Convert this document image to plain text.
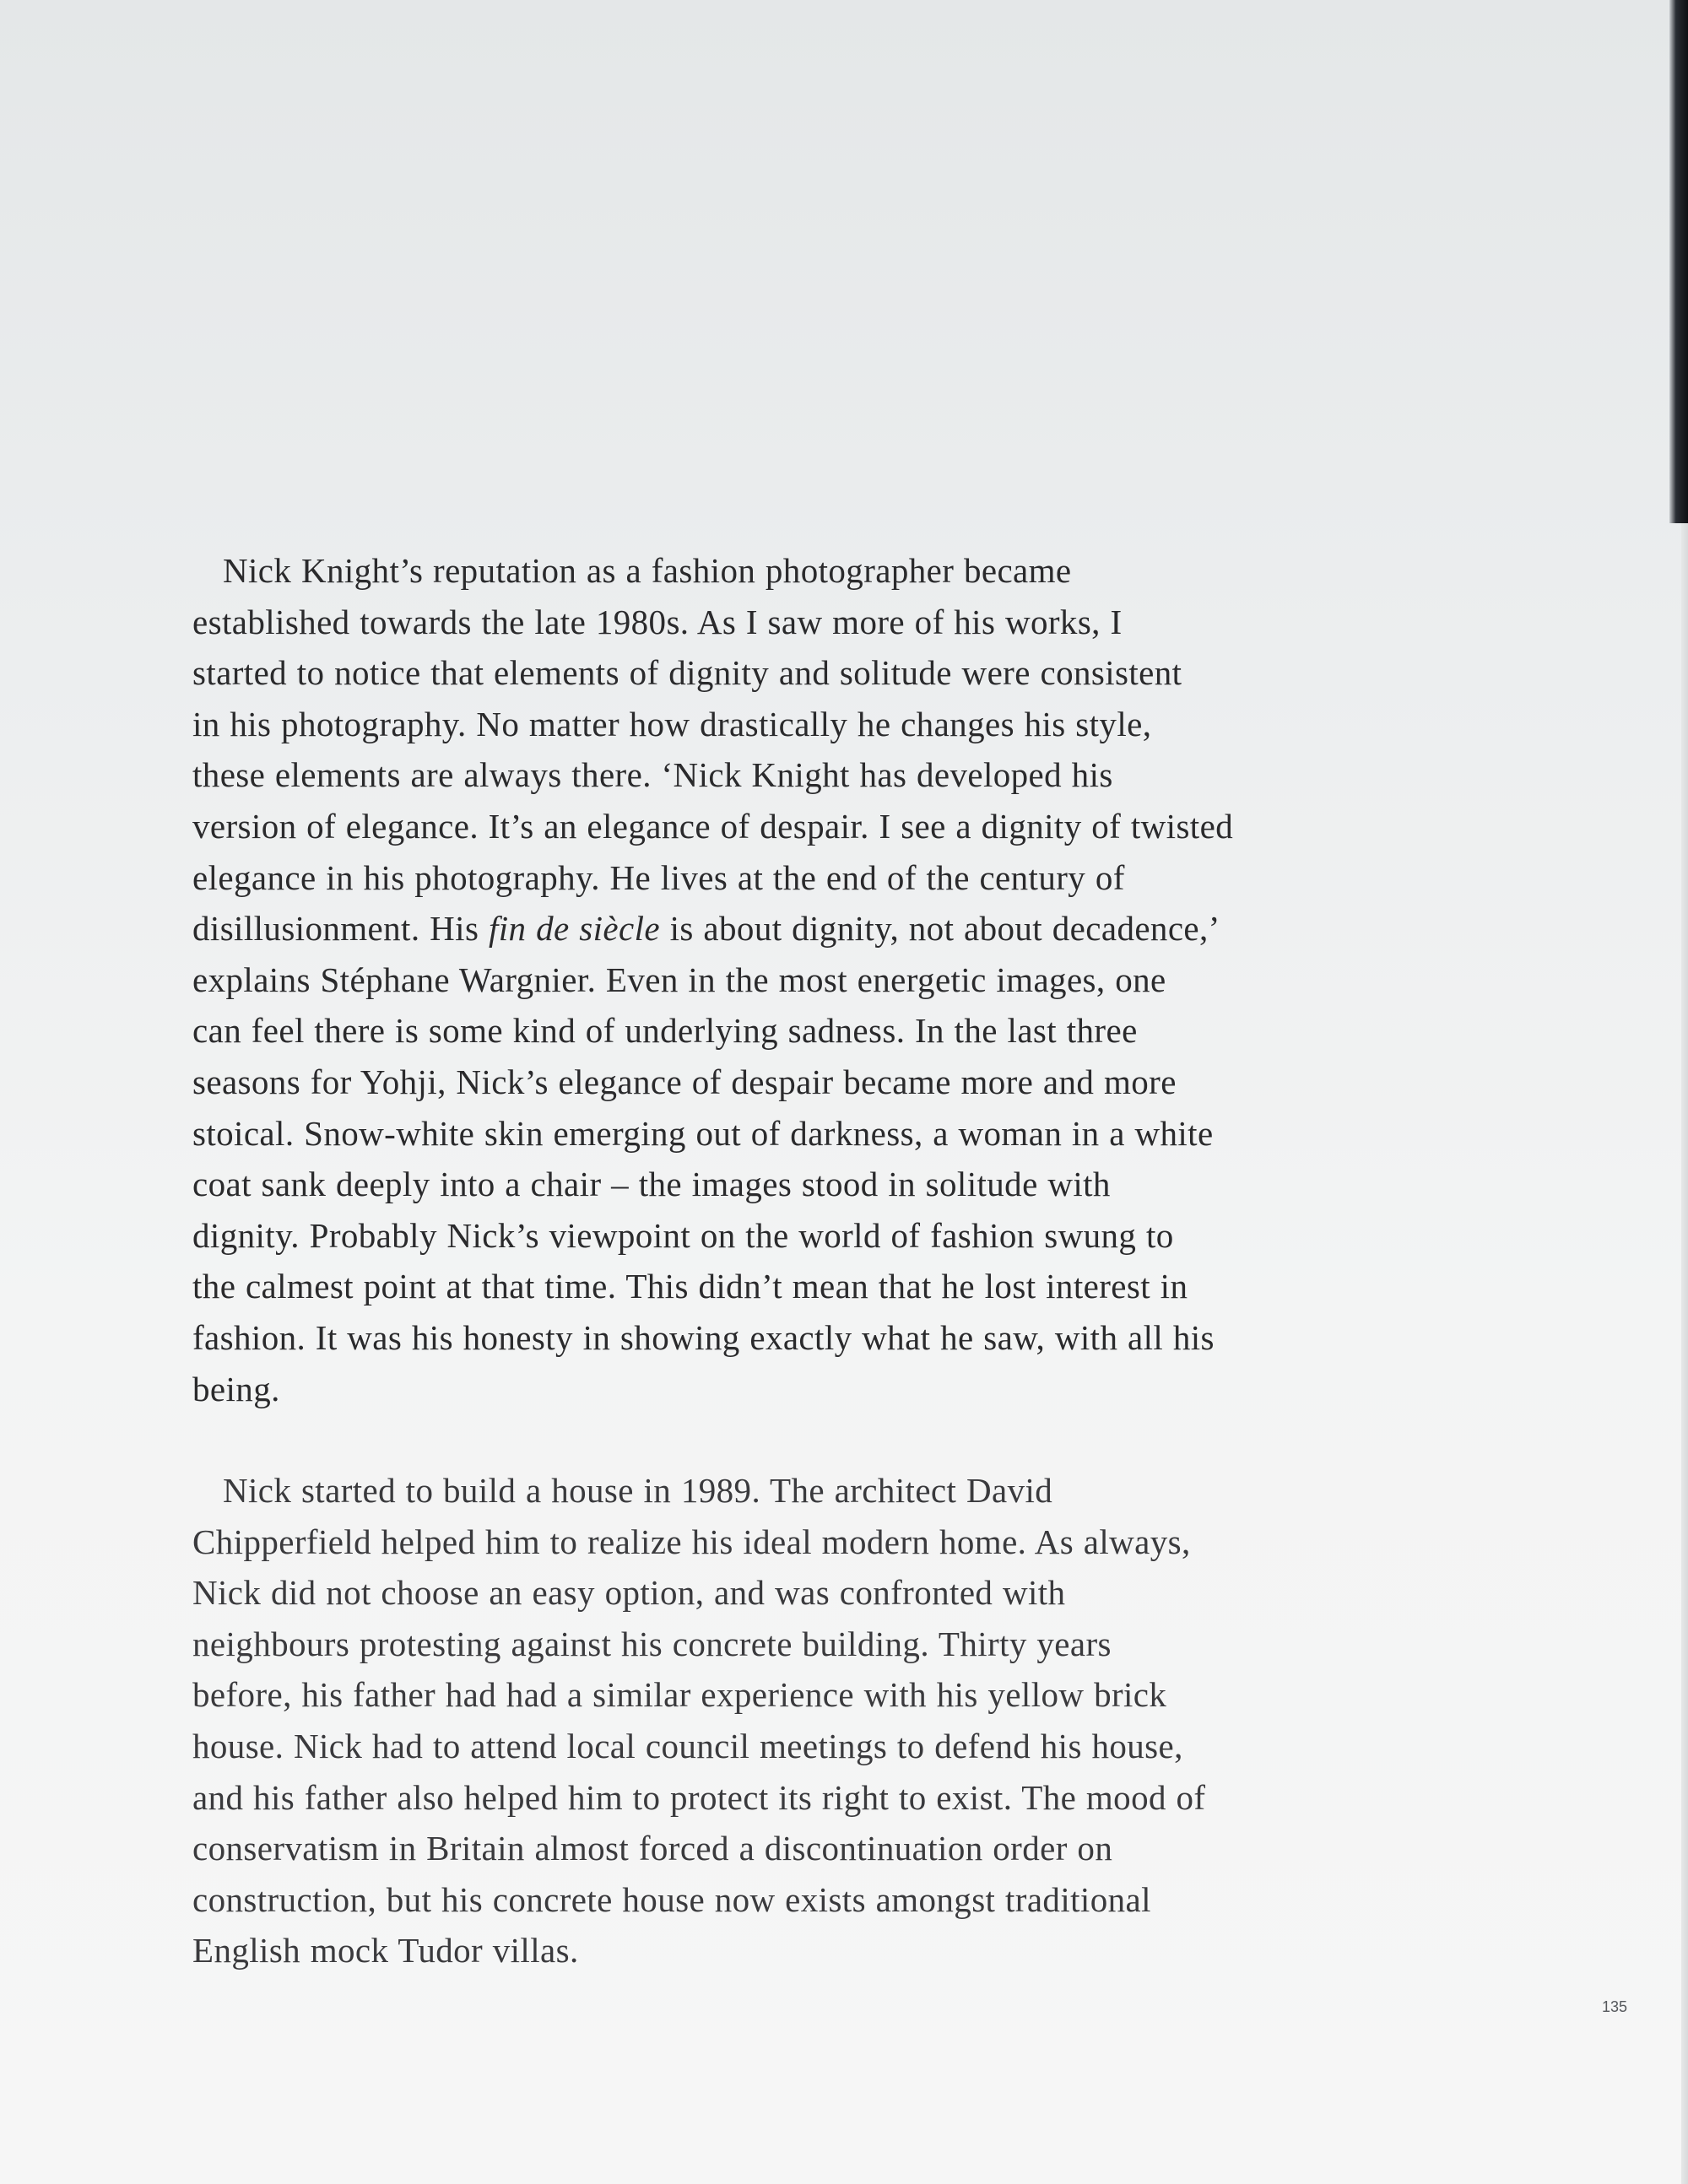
Nick Knight’s reputation as a fashion photographer became
established towards the late 1980s. As I saw more of his works, I
started to notice that elements of dignity and solitude were consistent
in his photography. No matter how drastically he changes his style,
these elements are always there. ‘Nick Knight has developed his
version of elegance. It’s an elegance of despair. I see a dignity of twisted
elegance in his photography. He lives at the end of the century of
disillusionment. His fin de siècle is about dignity, not about decadence,’
explains Stéphane Wargnier. Even in the most energetic images, one
can feel there is some kind of underlying sadness. In the last three
seasons for Yohji, Nick’s elegance of despair became more and more
stoical. Snow-white skin emerging out of darkness, a woman in a white
coat sank deeply into a chair – the images stood in solitude with
dignity. Probably Nick’s viewpoint on the world of fashion swung to
the calmest point at that time. This didn’t mean that he lost interest in
fashion. It was his honesty in showing exactly what he saw, with all his
being.
Nick started to build a house in 1989. The architect David
Chipperfield helped him to realize his ideal modern home. As always,
Nick did not choose an easy option, and was confronted with
neighbours protesting against his concrete building. Thirty years
before, his father had had a similar experience with his yellow brick
house. Nick had to attend local council meetings to defend his house,
and his father also helped him to protect its right to exist. The mood of
conservatism in Britain almost forced a discontinuation order on
construction, but his concrete house now exists amongst traditional
English mock Tudor villas.
135
